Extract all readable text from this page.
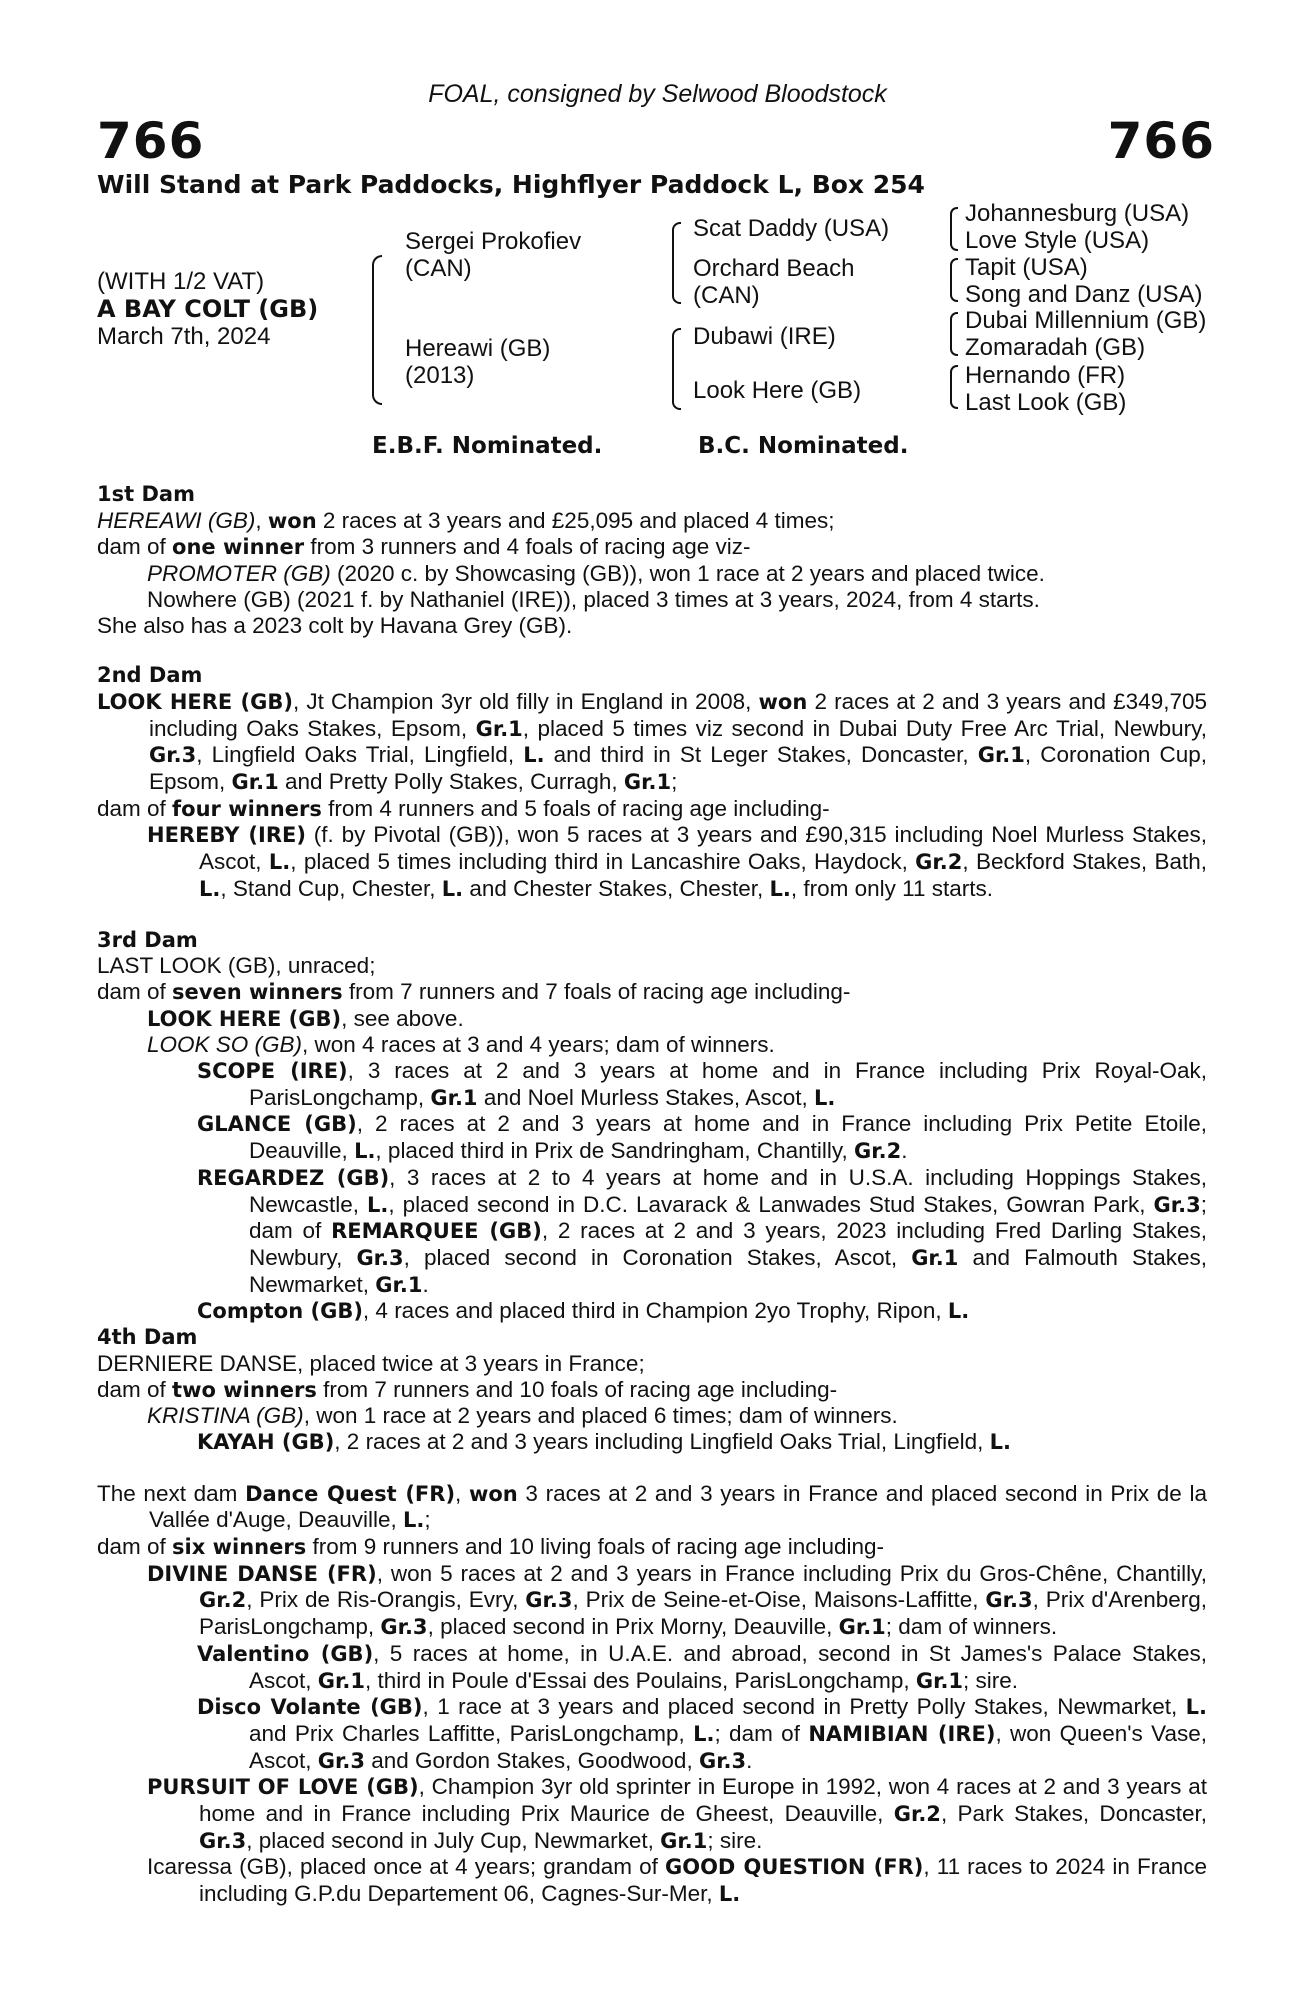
FOAL, consigned by Selwood Bloodstock
766	766
Will Stand at Park Paddocks, Highflyer Paddock L, Box 254
(WITH 1/2 VAT)
A BAY COLT (GB)
March 7th, 2024
Sergei Prokofiev
(CAN)
Hereawi (GB)
(2013)
Scat Daddy (USA)
Orchard Beach
(CAN)
Dubawi (IRE)
Look Here (GB)
Johannesburg (USA)
Love Style (USA)
Tapit (USA)
Song and Danz (USA)
Dubai Millennium (GB)
Zomaradah (GB)
Hernando (FR)
Last Look (GB)
E.B.F. Nominated.	B.C. Nominated.

1st Dam

HEREAWI (GB), won 2 races at 3 years and £25,095 and placed 4 times;

dam of one winner from 3 runners and 4 foals of racing age viz-

PROMOTER (GB) (2020 c. by Showcasing (GB)), won 1 race at 2 years and placed twice.

Nowhere (GB) (2021 f. by Nathaniel (IRE)), placed 3 times at 3 years, 2024, from 4 starts.

She also has a 2023 colt by Havana Grey (GB).

2nd Dam

LOOK HERE (GB), Jt Champion 3yr old filly in England in 2008, won 2 races at 2 and 3 years and £349,705 including Oaks Stakes, Epsom, Gr.1, placed 5 times viz second in Dubai Duty Free Arc Trial, Newbury, Gr.3, Lingfield Oaks Trial, Lingfield, L. and third in St Leger Stakes, Doncaster, Gr.1, Coronation Cup, Epsom, Gr.1 and Pretty Polly Stakes, Curragh, Gr.1;

dam of four winners from 4 runners and 5 foals of racing age including-

HEREBY (IRE) (f. by Pivotal (GB)), won 5 races at 3 years and £90,315 including Noel Murless Stakes, Ascot, L., placed 5 times including third in Lancashire Oaks, Haydock, Gr.2, Beckford Stakes, Bath, L., Stand Cup, Chester, L. and Chester Stakes, Chester, L., from only 11 starts.

3rd Dam

LAST LOOK (GB), unraced;

dam of seven winners from 7 runners and 7 foals of racing age including-

LOOK HERE (GB), see above.

LOOK SO (GB), won 4 races at 3 and 4 years; dam of winners.

SCOPE (IRE), 3 races at 2 and 3 years at home and in France including Prix Royal-Oak, ParisLongchamp, Gr.1 and Noel Murless Stakes, Ascot, L.

GLANCE (GB), 2 races at 2 and 3 years at home and in France including Prix Petite Etoile, Deauville, L., placed third in Prix de Sandringham, Chantilly, Gr.2.

REGARDEZ (GB), 3 races at 2 to 4 years at home and in U.S.A. including Hoppings Stakes, Newcastle, L., placed second in D.C. Lavarack & Lanwades Stud Stakes, Gowran Park, Gr.3; dam of REMARQUEE (GB), 2 races at 2 and 3 years, 2023 including Fred Darling Stakes, Newbury, Gr.3, placed second in Coronation Stakes, Ascot, Gr.1 and Falmouth Stakes, Newmarket, Gr.1.

Compton (GB), 4 races and placed third in Champion 2yo Trophy, Ripon, L.

4th Dam

DERNIERE DANSE, placed twice at 3 years in France;

dam of two winners from 7 runners and 10 foals of racing age including-

KRISTINA (GB), won 1 race at 2 years and placed 6 times; dam of winners.

KAYAH (GB), 2 races at 2 and 3 years including Lingfield Oaks Trial, Lingfield, L.

The next dam Dance Quest (FR), won 3 races at 2 and 3 years in France and placed second in Prix de la Vallée d'Auge, Deauville, L.;

dam of six winners from 9 runners and 10 living foals of racing age including-

DIVINE DANSE (FR), won 5 races at 2 and 3 years in France including Prix du Gros-Chêne, Chantilly, Gr.2, Prix de Ris-Orangis, Evry, Gr.3, Prix de Seine-et-Oise, Maisons-Laffitte, Gr.3, Prix d'Arenberg, ParisLongchamp, Gr.3, placed second in Prix Morny, Deauville, Gr.1; dam of winners.

Valentino (GB), 5 races at home, in U.A.E. and abroad, second in St James's Palace Stakes, Ascot, Gr.1, third in Poule d'Essai des Poulains, ParisLongchamp, Gr.1; sire.

Disco Volante (GB), 1 race at 3 years and placed second in Pretty Polly Stakes, Newmarket, L. and Prix Charles Laffitte, ParisLongchamp, L.; dam of NAMIBIAN (IRE), won Queen's Vase, Ascot, Gr.3 and Gordon Stakes, Goodwood, Gr.3.

PURSUIT OF LOVE (GB), Champion 3yr old sprinter in Europe in 1992, won 4 races at 2 and 3 years at home and in France including Prix Maurice de Gheest, Deauville, Gr.2, Park Stakes, Doncaster, Gr.3, placed second in July Cup, Newmarket, Gr.1; sire.

Icaressa (GB), placed once at 4 years; grandam of GOOD QUESTION (FR), 11 races to 2024 in France including G.P.du Departement 06, Cagnes-Sur-Mer, L.
